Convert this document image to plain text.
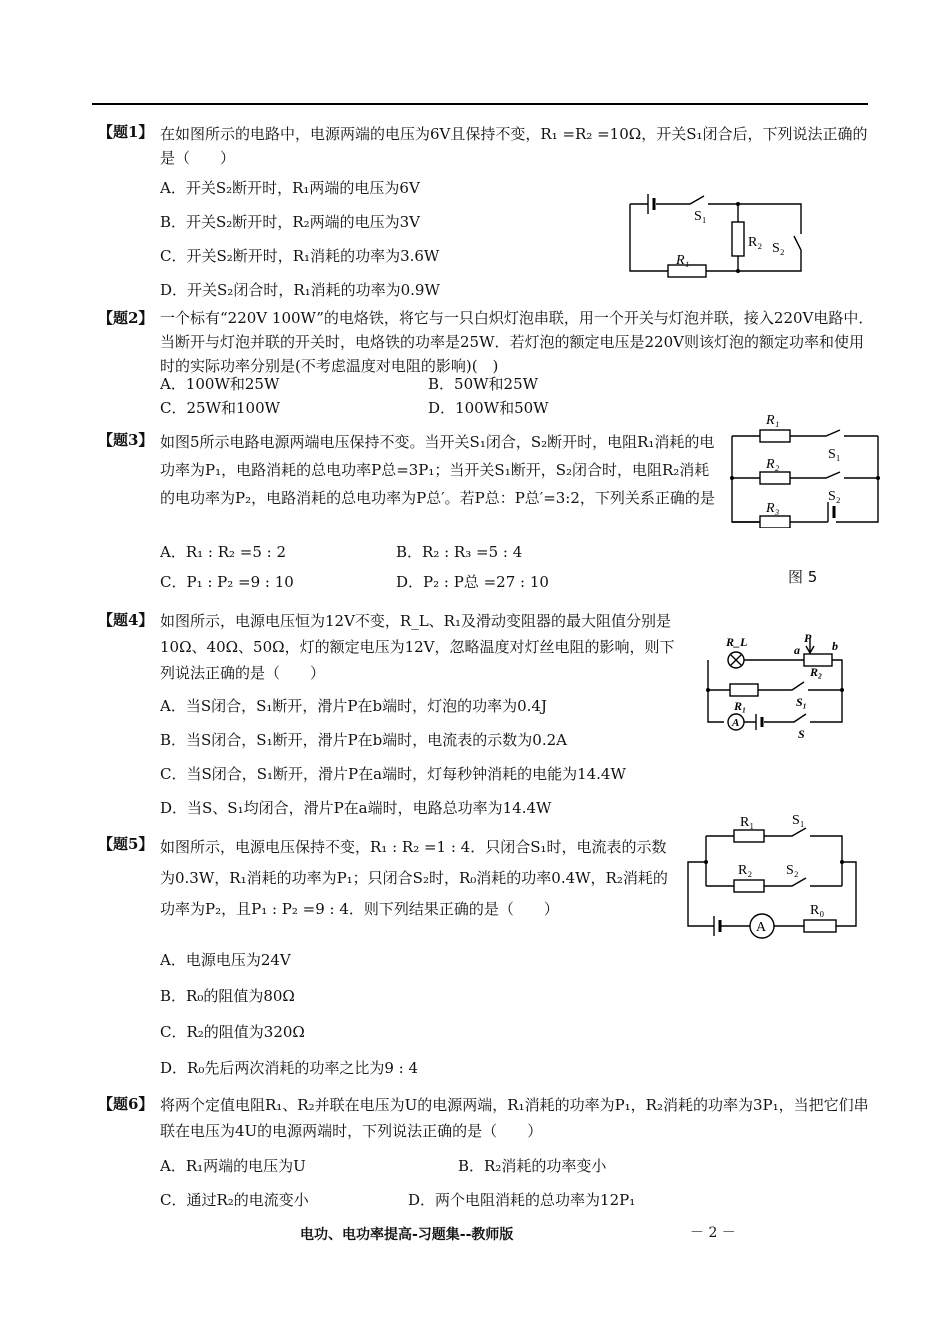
【题1】 在如图所示的电路中，电源两端的电压为6V且保持不变，R₁ =R₂ =10Ω，开关S₁闭合后，下列说法正确的是（　　）
A．开关S₂断开时，R₁两端的电压为6V
B．开关S₂断开时，R₂两端的电压为3V
C．开关S₂断开时，R₁消耗的功率为3.6W
D．开关S₂闭合时，R₁消耗的功率为0.9W
S₁
R₂ S₂
R₁
【题2】 一个标有“220V 100W”的电烙铁，将它与一只白炽灯泡串联，用一个开关与灯泡并联，接入220V电路中．当断开与灯泡并联的开关时，电烙铁的功率是25W．若灯泡的额定电压是220V则该灯泡的额定功率和使用时的实际功率分别是(不考虑温度对电阻的影响)(　)
A．100W和25W	B．50W和25W
C．25W和100W	D．100W和50W
【题3】 如图5所示电路电源两端电压保持不变。当开关S₁闭合，S₂断开时，电阻R₁消耗的电功率为P₁，电路消耗的总电功率P总=3P₁；当开关S₁断开，S₂闭合时，电阻R₂消耗的电功率为P₂，电路消耗的总电功率为P总′。若P总：P总′=3:2，下列关系正确的是
A．R₁ : R₂ =5 : 2	B．R₂ : R₃ =5 : 4
C．P₁ : P₂ =9 : 10	D．P₂ : P总 =27 : 10
R₁
R₂
R₃
S₁
S₂
图 5
【题4】 如图所示，电源电压恒为12V不变，R_L、R₁及滑动变阻器的最大阻值分别是10Ω、40Ω、50Ω，灯的额定电压为12V，忽略温度对灯丝电阻的影响，则下列说法正确的是（　　）
A．当S闭合，S₁断开，滑片P在b端时，灯泡的功率为0.4J
B．当S闭合，S₁断开，滑片P在b端时，电流表的示数为0.2A
C．当S闭合，S₁断开，滑片P在a端时，灯每秒钟消耗的电能为14.4W
D．当S、S₁均闭合，滑片P在a端时，电路总功率为14.4W
R_L	P
a	b
R₂
R₁	S₁
A
S
【题5】 如图所示，电源电压保持不变，R₁ : R₂ =1 : 4．只闭合S₁时，电流表的示数为0.3W，R₁消耗的功率为P₁；只闭合S₂时，R₀消耗的功率0.4W，R₂消耗的功率为P₂，且P₁ : P₂ =9 : 4．则下列结果正确的是（　　）
A．电源电压为24V
B．R₀的阻值为80Ω
C．R₂的阻值为320Ω
D．R₀先后两次消耗的功率之比为9 : 4
R₁	S₁
R₂ S₂
A
R₀
【题6】 将两个定值电阻R₁、R₂并联在电压为U的电源两端，R₁消耗的功率为P₁，R₂消耗的功率为3P₁，当把它们串联在电压为4U的电源两端时，下列说法正确的是（　　）
A．R₁两端的电压为U	B．R₂消耗的功率变小
C．通过R₂的电流变小	D．两个电阻消耗的总功率为12P₁
电功、电功率提高-习题集--教师版	－ 2 －
